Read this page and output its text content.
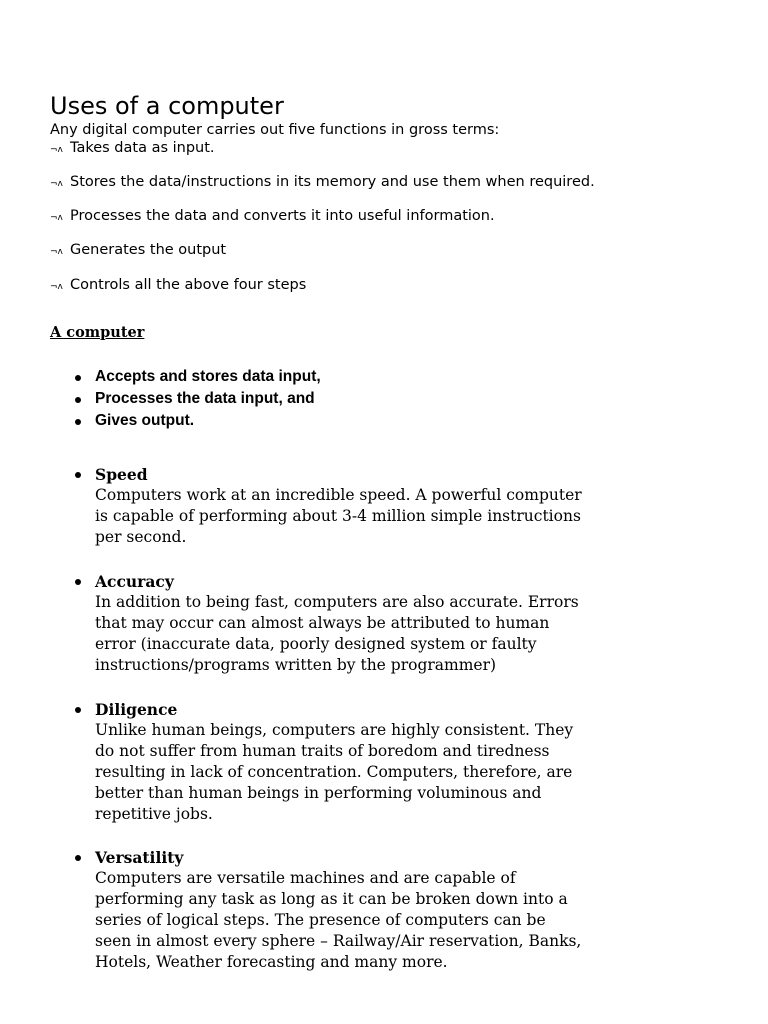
Uses of a computer

Any digital computer carries out five functions in gross terms:

¬ʌ Takes data as input.
¬ʌ Stores the data/instructions in its memory and use them when required.
¬ʌ Processes the data and converts it into useful information.
¬ʌ Generates the output
¬ʌ Controls all the above four steps
A computer
Accepts and stores data input,
Processes the data input, and
Gives output.
Speed
Computers work at an incredible speed. A powerful computer
is capable of performing about 3-4 million simple instructions
per second.
Accuracy
In addition to being fast, computers are also accurate. Errors
that may occur can almost always be attributed to human
error (inaccurate data, poorly designed system or faulty
instructions/programs written by the programmer)
Diligence
Unlike human beings, computers are highly consistent. They
do not suffer from human traits of boredom and tiredness
resulting in lack of concentration. Computers, therefore, are
better than human beings in performing voluminous and
repetitive jobs.
Versatility
Computers are versatile machines and are capable of
performing any task as long as it can be broken down into a
series of logical steps. The presence of computers can be
seen in almost every sphere – Railway/Air reservation, Banks,
Hotels, Weather forecasting and many more.
